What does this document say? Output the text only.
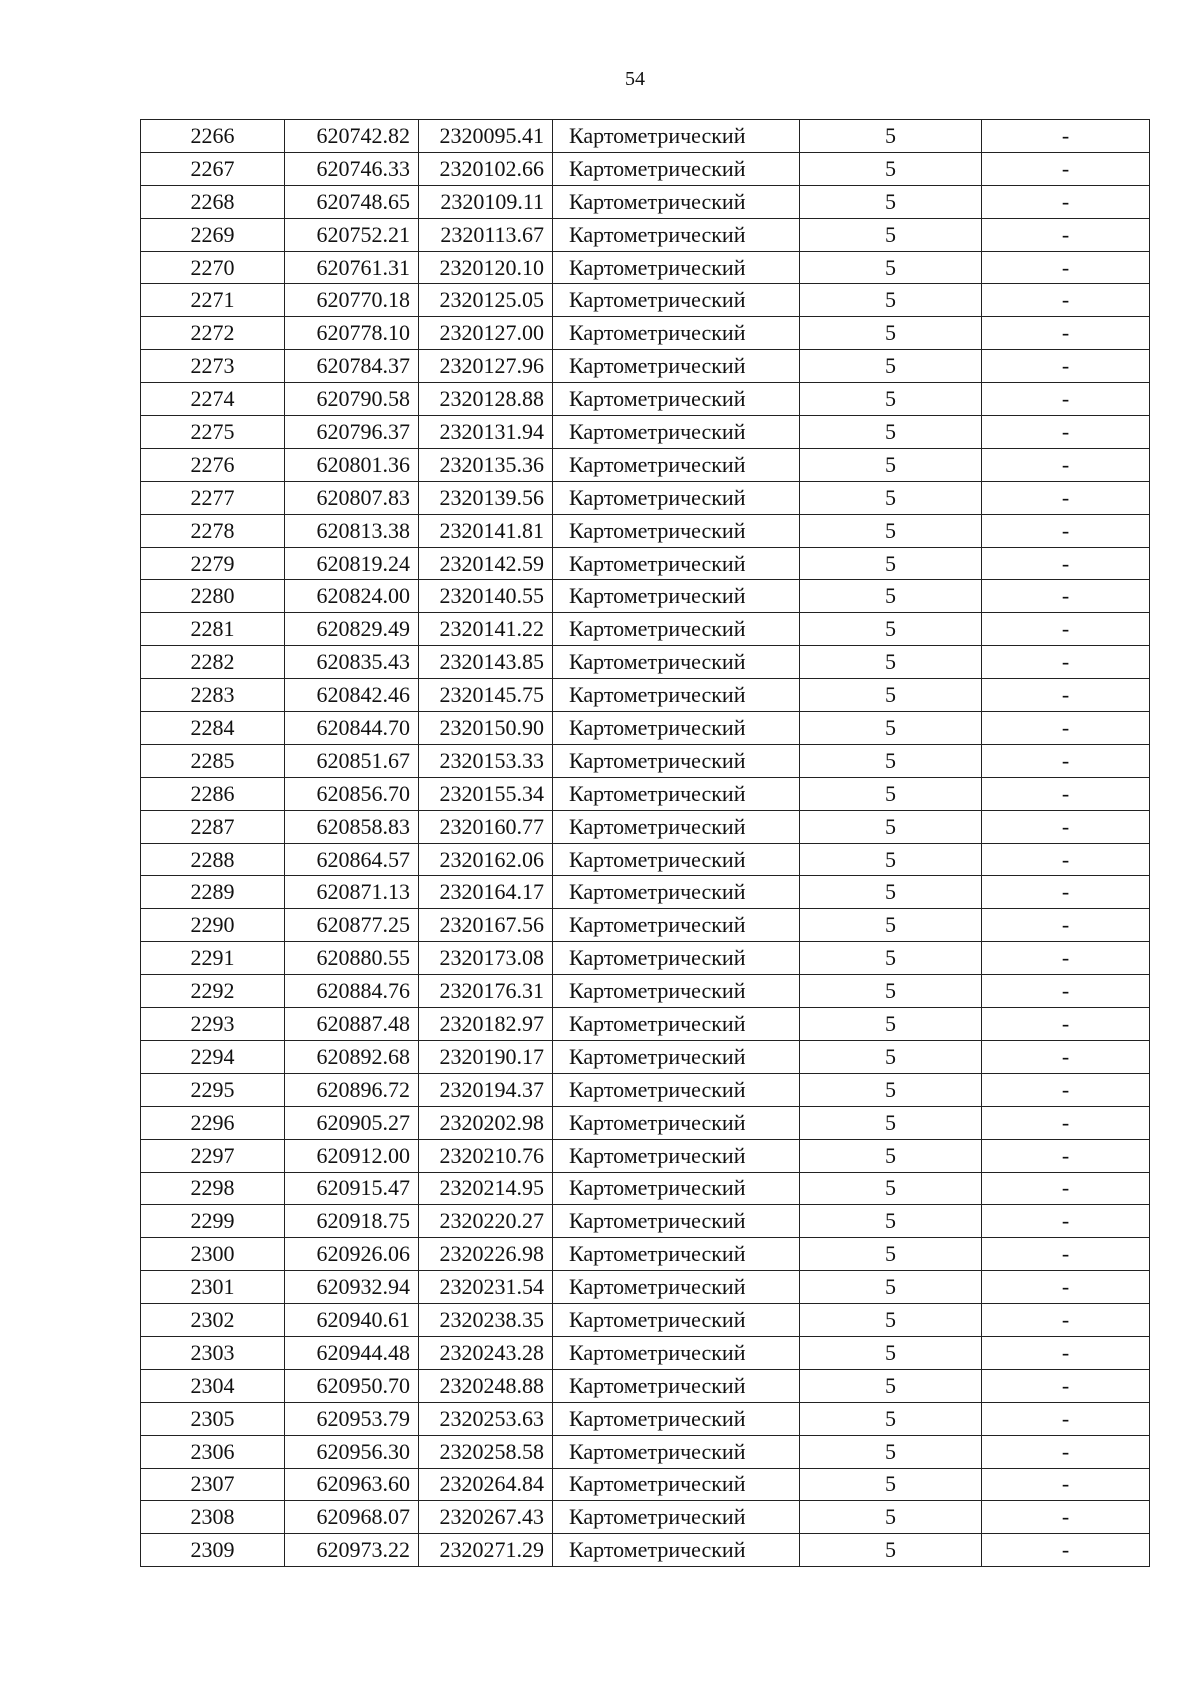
54
2266	620742.82	2320095.41	Картометрический	5	-
2267	620746.33	2320102.66	Картометрический	5	-
2268	620748.65	2320109.11	Картометрический	5	-
2269	620752.21	2320113.67	Картометрический	5	-
2270	620761.31	2320120.10	Картометрический	5	-
2271	620770.18	2320125.05	Картометрический	5	-
2272	620778.10	2320127.00	Картометрический	5	-
2273	620784.37	2320127.96	Картометрический	5	-
2274	620790.58	2320128.88	Картометрический	5	-
2275	620796.37	2320131.94	Картометрический	5	-
2276	620801.36	2320135.36	Картометрический	5	-
2277	620807.83	2320139.56	Картометрический	5	-
2278	620813.38	2320141.81	Картометрический	5	-
2279	620819.24	2320142.59	Картометрический	5	-
2280	620824.00	2320140.55	Картометрический	5	-
2281	620829.49	2320141.22	Картометрический	5	-
2282	620835.43	2320143.85	Картометрический	5	-
2283	620842.46	2320145.75	Картометрический	5	-
2284	620844.70	2320150.90	Картометрический	5	-
2285	620851.67	2320153.33	Картометрический	5	-
2286	620856.70	2320155.34	Картометрический	5	-
2287	620858.83	2320160.77	Картометрический	5	-
2288	620864.57	2320162.06	Картометрический	5	-
2289	620871.13	2320164.17	Картометрический	5	-
2290	620877.25	2320167.56	Картометрический	5	-
2291	620880.55	2320173.08	Картометрический	5	-
2292	620884.76	2320176.31	Картометрический	5	-
2293	620887.48	2320182.97	Картометрический	5	-
2294	620892.68	2320190.17	Картометрический	5	-
2295	620896.72	2320194.37	Картометрический	5	-
2296	620905.27	2320202.98	Картометрический	5	-
2297	620912.00	2320210.76	Картометрический	5	-
2298	620915.47	2320214.95	Картометрический	5	-
2299	620918.75	2320220.27	Картометрический	5	-
2300	620926.06	2320226.98	Картометрический	5	-
2301	620932.94	2320231.54	Картометрический	5	-
2302	620940.61	2320238.35	Картометрический	5	-
2303	620944.48	2320243.28	Картометрический	5	-
2304	620950.70	2320248.88	Картометрический	5	-
2305	620953.79	2320253.63	Картометрический	5	-
2306	620956.30	2320258.58	Картометрический	5	-
2307	620963.60	2320264.84	Картометрический	5	-
2308	620968.07	2320267.43	Картометрический	5	-
2309	620973.22	2320271.29	Картометрический	5	-
